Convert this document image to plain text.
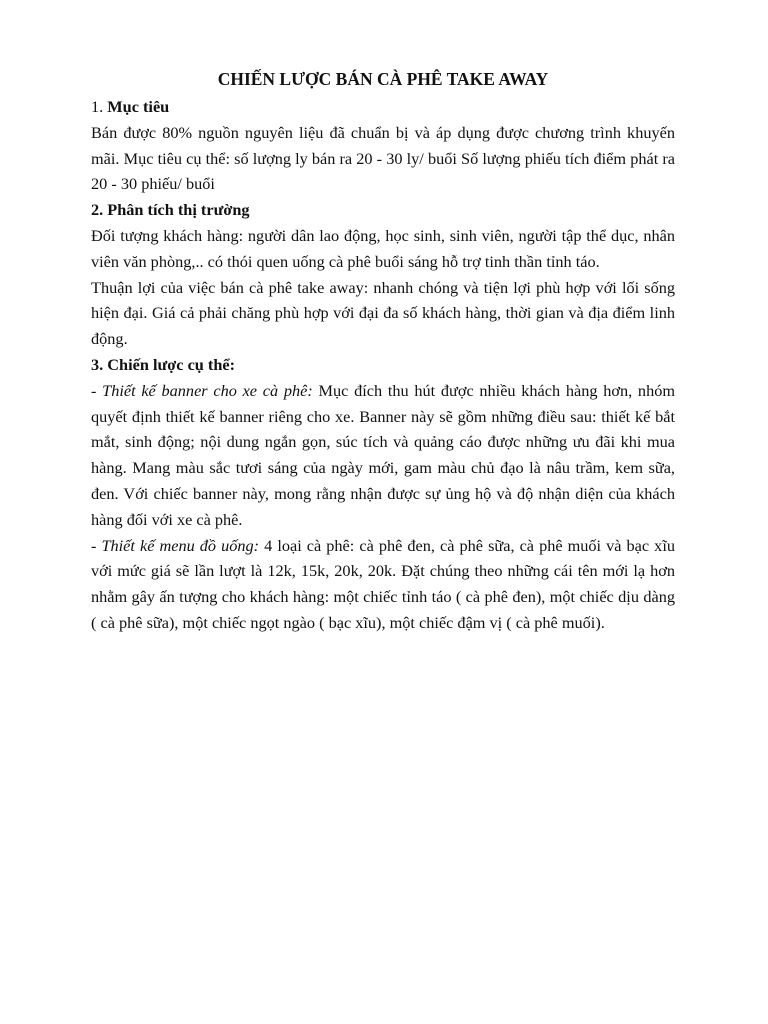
CHIẾN LƯỢC BÁN CÀ PHÊ TAKE AWAY
1. Mục tiêu

Bán được 80% nguồn nguyên liệu đã chuẩn bị và áp dụng được chương trình khuyến mãi. Mục tiêu cụ thể: số lượng ly bán ra 20 - 30 ly/ buổi Số lượng phiếu tích điểm phát ra 20 - 30 phiếu/ buổi

2. Phân tích thị trường

Đối tượng khách hàng: người dân lao động, học sinh, sinh viên, người tập thể dục, nhân viên văn phòng,.. có thói quen uống cà phê buổi sáng hỗ trợ tinh thần tỉnh táo.

Thuận lợi của việc bán cà phê take away: nhanh chóng và tiện lợi phù hợp với lối sống hiện đại. Giá cả phải chăng phù hợp với đại đa số khách hàng, thời gian và địa điểm linh động.

3. Chiến lược cụ thể:

- Thiết kế banner cho xe cà phê: Mục đích thu hút được nhiều khách hàng hơn, nhóm quyết định thiết kế banner riêng cho xe. Banner này sẽ gồm những điều sau: thiết kế bắt mắt, sinh động; nội dung ngắn gọn, súc tích và quảng cáo được những ưu đãi khi mua hàng. Mang màu sắc tươi sáng của ngày mới, gam màu chủ đạo là nâu trầm, kem sữa, đen. Với chiếc banner này, mong rằng nhận được sự ủng hộ và độ nhận diện của khách hàng đối với xe cà phê.

- Thiết kế menu đồ uống: 4 loại cà phê: cà phê đen, cà phê sữa, cà phê muối và bạc xĩu với mức giá sẽ lần lượt là 12k, 15k, 20k, 20k. Đặt chúng theo những cái tên mới lạ hơn nhằm gây ấn tượng cho khách hàng: một chiếc tỉnh táo ( cà phê đen), một chiếc dịu dàng ( cà phê sữa), một chiếc ngọt ngào ( bạc xĩu), một chiếc đậm vị ( cà phê muối).
